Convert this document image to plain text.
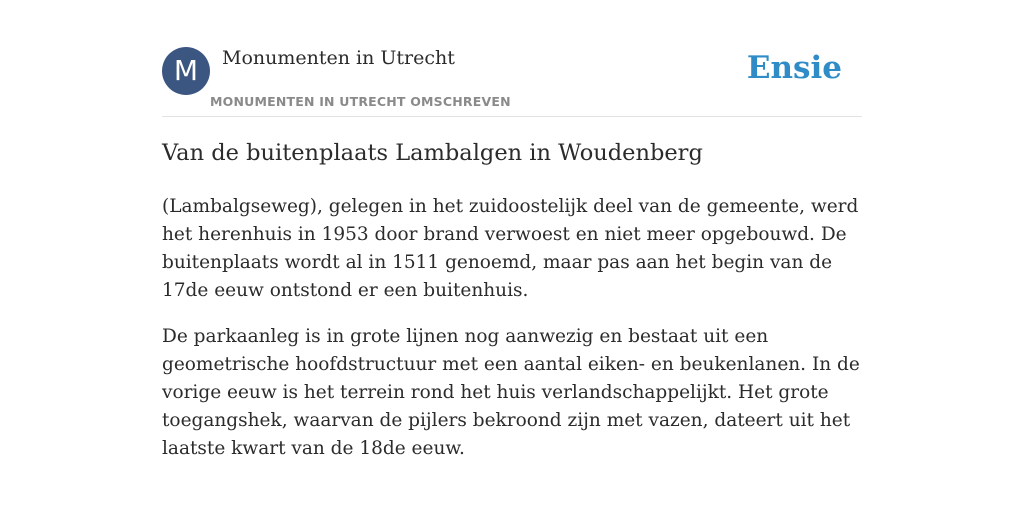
M	Monumenten in Utrecht
MONUMENTEN IN UTRECHT OMSCHREVEN
Ensie
Van de buitenplaats Lambalgen in Woudenberg

(Lambalgseweg), gelegen in het zuidoostelijk deel van de gemeente, werd het herenhuis in 1953 door brand verwoest en niet meer opgebouwd. De buitenplaats wordt al in 1511 genoemd, maar pas aan het begin van de 17de eeuw ontstond er een buitenhuis.

De parkaanleg is in grote lijnen nog aanwezig en bestaat uit een geometrische hoofdstructuur met een aantal eiken- en beukenlanen. In de vorige eeuw is het terrein rond het huis verlandschappelijkt. Het grote toegangshek, waarvan de pijlers bekroond zijn met vazen, dateert uit het laatste kwart van de 18de eeuw.
